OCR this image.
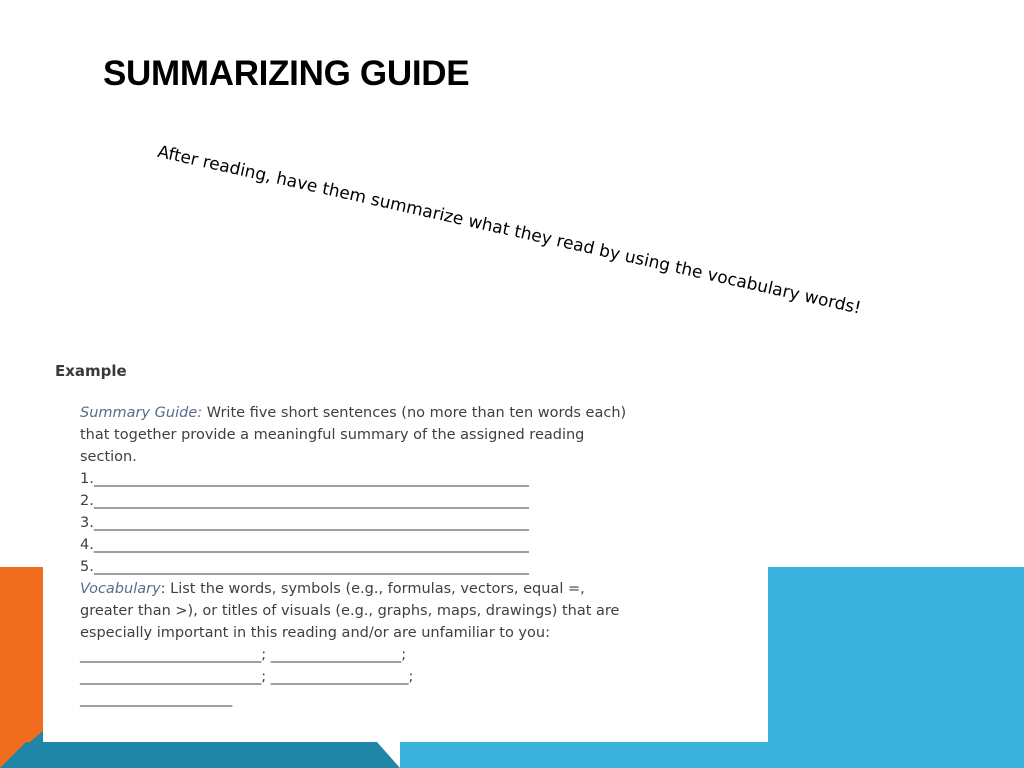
SUMMARIZING GUIDE

After reading, have them summarize what they read by using the vocabulary words!

Example
Summary Guide: Write five short sentences (no more than ten words each)
that together provide a meaningful summary of the assigned reading
section.
1.____________________________________________________________
2.____________________________________________________________
3.____________________________________________________________
4.____________________________________________________________
5.____________________________________________________________
Vocabulary: List the words, symbols (e.g., formulas, vectors, equal =,
greater than >), or titles of visuals (e.g., graphs, maps, drawings) that are
especially important in this reading and/or are unfamiliar to you:
_________________________; __________________;
_________________________; ___________________;
_____________________
